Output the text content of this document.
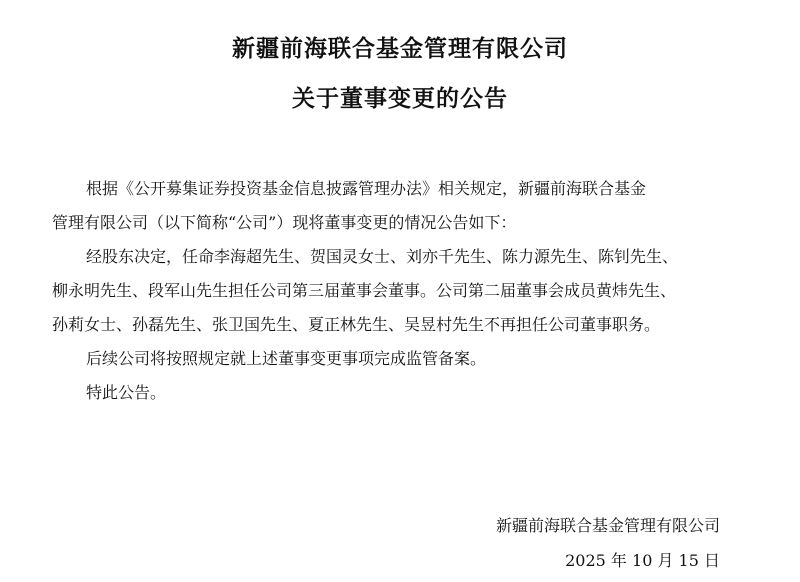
新疆前海联合基金管理有限公司
关于董事变更的公告
根据《公开募集证券投资基金信息披露管理办法》相关规定，新疆前海联合基金
管理有限公司（以下简称“公司”）现将董事变更的情况公告如下：
经股东决定，任命李海超先生、贺国灵女士、刘亦千先生、陈力源先生、陈钊先生、
柳永明先生、段军山先生担任公司第三届董事会董事。公司第二届董事会成员黄炜先生、
孙莉女士、孙磊先生、张卫国先生、夏正林先生、吴昱村先生不再担任公司董事职务。
后续公司将按照规定就上述董事变更事项完成监管备案。
特此公告。
新疆前海联合基金管理有限公司
2025 年 10 月 15 日
